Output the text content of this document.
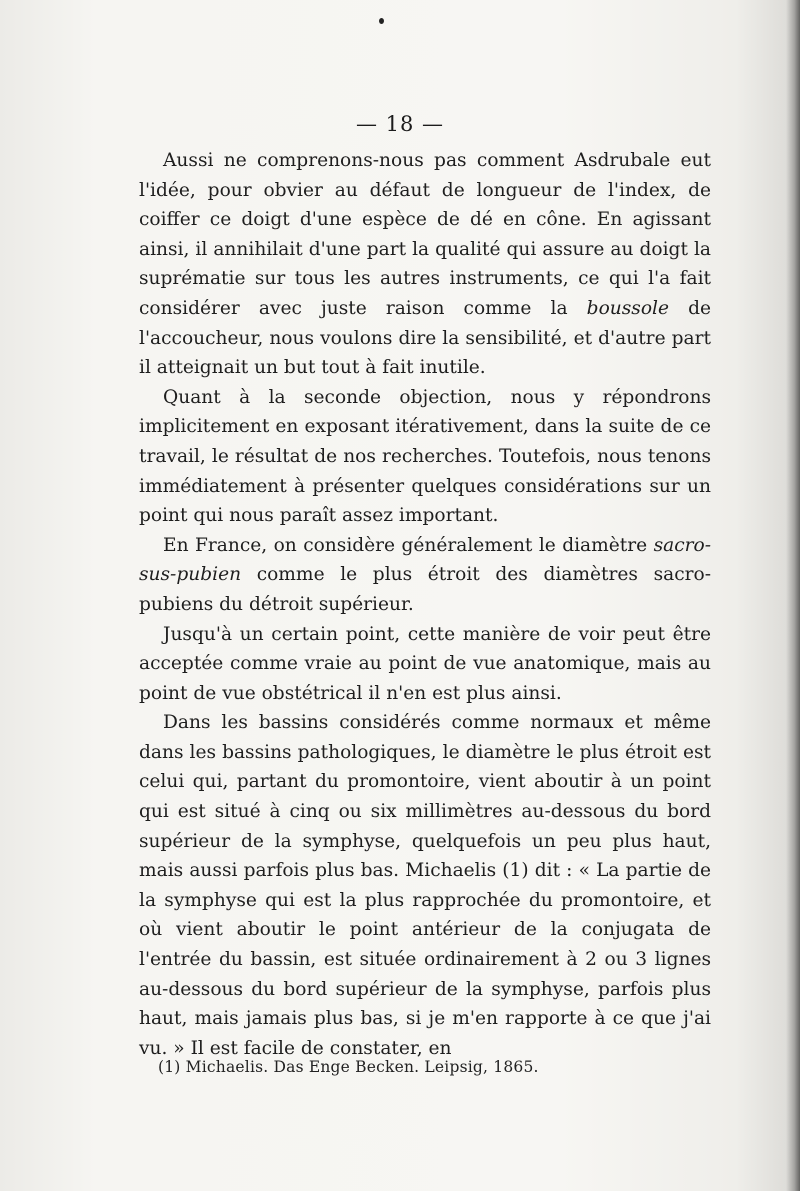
— 18 —

Aussi ne comprenons-nous pas comment Asdrubale eut l'idée, pour obvier au défaut de longueur de l'index, de coiffer ce doigt d'une espèce de dé en cône. En agissant ainsi, il annihilait d'une part la qualité qui assure au doigt la suprématie sur tous les autres instruments, ce qui l'a fait considérer avec juste raison comme la boussole de l'accoucheur, nous voulons dire la sensibilité, et d'autre part il atteignait un but tout à fait inutile.

Quant à la seconde objection, nous y répondrons implicitement en exposant itérativement, dans la suite de ce travail, le résultat de nos recherches. Toutefois, nous tenons immédiatement à présenter quelques considérations sur un point qui nous paraît assez important.

En France, on considère généralement le diamètre sacro-sus-pubien comme le plus étroit des diamètres sacro-pubiens du détroit supérieur.

Jusqu'à un certain point, cette manière de voir peut être acceptée comme vraie au point de vue anatomique, mais au point de vue obstétrical il n'en est plus ainsi.

Dans les bassins considérés comme normaux et même dans les bassins pathologiques, le diamètre le plus étroit est celui qui, partant du promontoire, vient aboutir à un point qui est situé à cinq ou six millimètres au-dessous du bord supérieur de la symphyse, quelquefois un peu plus haut, mais aussi parfois plus bas. Michaelis (1) dit : « La partie de la symphyse qui est la plus rapprochée du promontoire, et où vient aboutir le point antérieur de la conjugata de l'entrée du bassin, est située ordinairement à 2 ou 3 lignes au-dessous du bord supérieur de la symphyse, parfois plus haut, mais jamais plus bas, si je m'en rapporte à ce que j'ai vu. » Il est facile de constater, en

(1) Michaelis. Das Enge Becken. Leipsig, 1865.
